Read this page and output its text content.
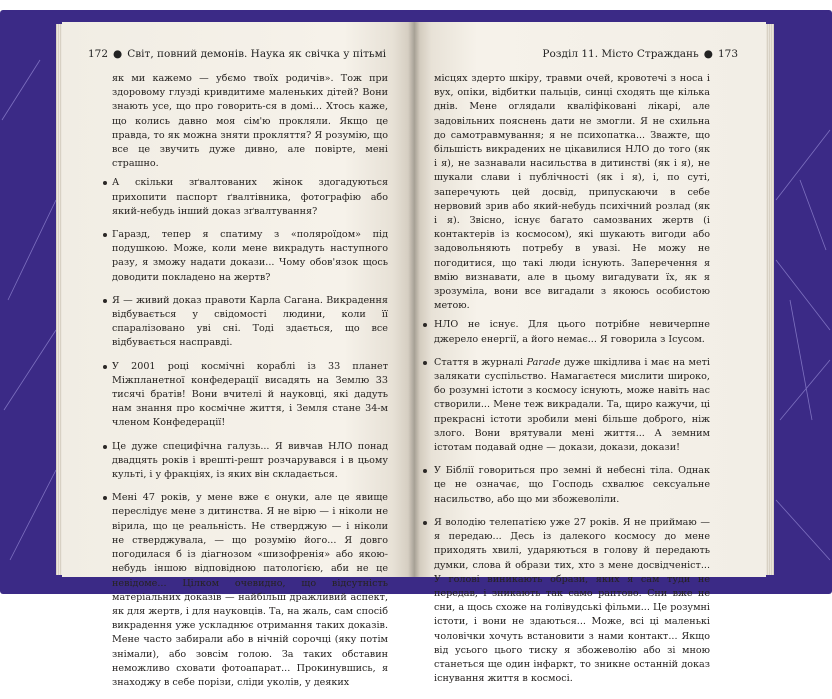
172 ● Світ, повний демонів. Наука як свічка у пітьмі	Розділ 11. Місто Страждань ● 173

як ми кажемо — убємо твоїх родичів». Тож при здоровому глузді кривдитиме маленьких дітей? Вони знають усе, що про говорить-ся в домі... Хтось каже, що колись давно моя сім'ю прокляли. Якщо це правда, то як можна зняти прокляття? Я розумію, що все це звучить дуже дивно, але повірте, мені страшно.

А скільки зґвалтованих жінок здогадуються прихопити паспорт ґвалтівника, фотографію або який-небудь інший доказ зґвалтування?
Гаразд, тепер я спатиму з «поляроїдом» під подушкою. Може, коли мене викрадуть наступного разу, я зможу надати докази... Чому обов'язок щось доводити покладено на жертв?
Я — живий доказ правоти Карла Сагана. Викрадення відбувається у свідомості людини, коли її спаралізовано уві сні. Тоді здається, що все відбувається насправді.
У 2001 році космічні кораблі із 33 планет Міжпланетної конфедерації висадять на Землю 33 тисячі братів! Вони вчителі й науковці, які дадуть нам знання про космічне життя, і Земля стане 34-м членом Конфедерації!
Це дуже специфічна галузь... Я вивчав НЛО понад двадцять років і врешті-решт розчарувався і в цьому культі, і у фракціях, із яких він складається.
Мені 47 років, у мене вже є онуки, але це явище переслідує мене з дитинства. Я не вірю — і ніколи не вірила, що це реальність. Не стверджую — і ніколи не стверджувала, — що розумію його... Я довго погодилася б із діагнозом «шизофренія» або якою-небудь іншою відповідною патологією, аби не це невідоме... Цілком очевидно, що відсутність матеріальних доказів — найбільш дражливий аспект, як для жертв, і для науковців. Та, на жаль, сам спосіб викрадення уже ускладнює отримання таких доказів. Мене часто забирали або в нічній сорочці (яку потім знімали), або зовсім голою. За таких обставин неможливо сховати фотоапарат... Прокинувшись, я знаходжу в себе порізи, сліди уколів, у деяких

місцях здерто шкіру, травми очей, кровотечі з носа і вух, опіки, відбитки пальців, синці сходять ще кілька днів. Мене оглядали кваліфіковані лікарі, але задовільних пояснень дати не змогли. Я не схильна до самотравмування; я не психопатка... Зважте, що більшість викрадених не цікавилися НЛО до того (як і я), не зазнавали насильства в дитинстві (як і я), не шукали слави і публічності (як і я), і, по суті, заперечують цей досвід, припускаючи в себе нервовий зрив або який-небудь психічний розлад (як і я). Звісно, існує багато самозваних жертв (і контактерів із космосом), які шукають вигоди або задовольняють потребу в увазі. Не можу не погодитися, що такі люди існують. Заперечення я вмію визнавати, але в цьому вигадувати їх, як я зрозуміла, вони все вигадали з якоюсь особистою метою.

НЛО не існує. Для цього потрібне невичерпне джерело енергії, а його немає... Я говорила з Ісусом.
Стаття в журналі Parade дуже шкідлива і має на меті залякати суспільство. Намагаєтеся мислити широко, бо розумні істоти з космосу існують, може навіть нас створили... Мене теж викрадали. Та, щиро кажучи, ці прекрасні істоти зробили мені більше доброго, ніж злого. Вони врятували мені життя... А земним істотам подавай одне — докази, докази, докази!
У Біблії говориться про земні й небесні тіла. Однак це не означає, що Господь схвалює сексуальне насильство, або що ми збожеволіли.
Я володію телепатією уже 27 років. Я не приймаю — я передаю... Десь із далекого космосу до мене приходять хвилі, ударяються в голову й передають думки, слова й образи тих, хто з мене досвідченіст... У голові виникають образи, яких я сам туди не передав, і зникають так само раптово. Сни вже не сни, а щось схоже на голівудські фільми... Це розумні істоти, і вони не здаються... Може, всі ці маленькі чоловічки хочуть встановити з нами контакт... Якщо від усього цього тиску я збожеволію або зі мною станеться ще один інфаркт, то зникне останній доказ існування життя в космосі.
